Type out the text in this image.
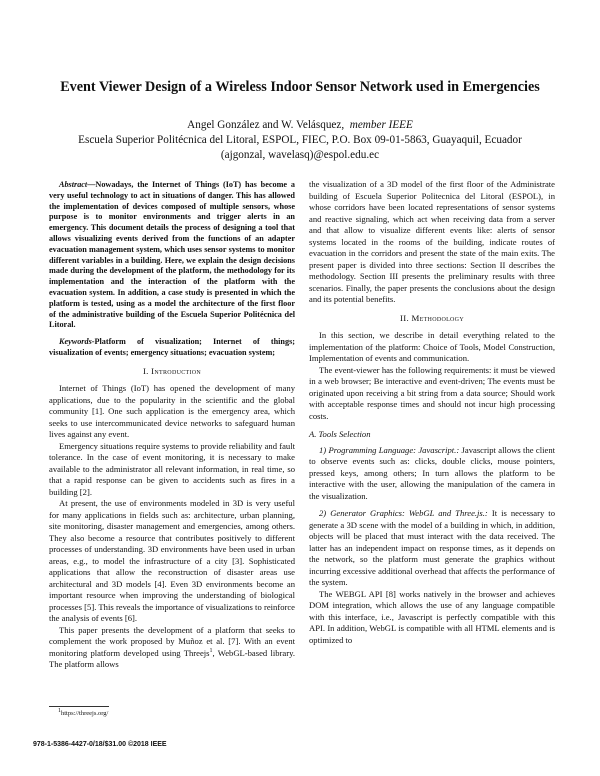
Event Viewer Design of a Wireless Indoor Sensor Network used in Emergencies
Angel González and W. Velásquez, member IEEE
Escuela Superior Politécnica del Litoral, ESPOL, FIEC, P.O. Box 09-01-5863, Guayaquil, Ecuador
(ajgonzal, wavelasq)@espol.edu.ec

Abstract—Nowadays, the Internet of Things (IoT) has become a very useful technology to act in situations of danger. This has allowed the implementation of devices composed of multiple sensors, whose purpose is to monitor environments and trigger alerts in an emergency. This document details the process of designing a tool that allows visualizing events derived from the functions of an adapter evacuation management system, which uses sensor systems to monitor different variables in a building. Here, we explain the design decisions made during the development of the platform, the methodology for its implementation and the interaction of the platform with the evacuation system. In addition, a case study is presented in which the platform is tested, using as a model the architecture of the first floor of the administrative building of the Escuela Superior Politécnica del Litoral.

Keywords-Platform of visualization; Internet of things; visualization of events; emergency situations; evacuation system;

I. Introduction

Internet of Things (IoT) has opened the development of many applications, due to the popularity in the scientific and the global community [1]. One such application is the emergency area, which seeks to use intercommunicated device networks to safeguard human lives against any event.

Emergency situations require systems to provide reliability and fault tolerance. In the case of event monitoring, it is necessary to make available to the administrator all relevant information, in real time, so that a rapid response can be given to accidents such as fires in a building [2].

At present, the use of environments modeled in 3D is very useful for many applications in fields such as: architecture, urban planning, site monitoring, disaster management and emergencies, among others. They also become a resource that contributes positively to different processes of understanding. 3D environments have been used in urban areas, e.g., to model the infrastructure of a city [3]. Sophisticated applications that allow the reconstruction of disaster areas use architectural and 3D models [4]. Even 3D environments become an important resource when improving the understanding of biological processes [5]. This reveals the importance of visualizations to reinforce the analysis of events [6].

This paper presents the development of a platform that seeks to complement the work proposed by Muñoz et al. [7]. With an event monitoring platform developed using Threejs$^1$, WebGL-based library. The platform allows

the visualization of a 3D model of the first floor of the Administrate building of Escuela Superior Politecnica del Litoral (ESPOL), in whose corridors have been located representations of sensor systems and reactive signaling, which act when receiving data from a server and that allow to visualize different events like: alerts of sensor systems located in the rooms of the building, indicate routes of evacuation in the corridors and present the state of the main exits. The present paper is divided into three sections: Section II describes the methodology. Section III presents the preliminary results with three scenarios. Finally, the paper presents the conclusions about the design and its potential benefits.

II. Methodology

In this section, we describe in detail everything related to the implementation of the platform: Choice of Tools, Model Construction, Implementation of events and communication.

The event-viewer has the following requirements: it must be viewed in a web browser; Be interactive and event-driven; The events must be originated upon receiving a bit string from a data source; Should work with acceptable response times and should not incur high processing costs.

A. Tools Selection

1) Programming Language: Javascript.: Javascript allows the client to observe events such as: clicks, double clicks, mouse pointers, pressed keys, among others; In turn allows the platform to be interactive with the user, allowing the manipulation of the camera in the visualization.

2) Generator Graphics: WebGL and Three.js.: It is necessary to generate a 3D scene with the model of a building in which, in addition, objects will be placed that must interact with the data received. The latter has an independent impact on response times, as it depends on the network, so the platform must generate the graphics without incurring excessive additional overhead that affects the performance of the system.

The WEBGL API [8] works natively in the browser and achieves DOM integration, which allows the use of any language compatible with this interface, i.e., Javascript is perfectly compatible with this API. In addition, WebGL is compatible with all HTML elements and is optimized to

$^1$https://threejs.org/
978-1-5386-4427-0/18/$31.00 ©2018 IEEE
